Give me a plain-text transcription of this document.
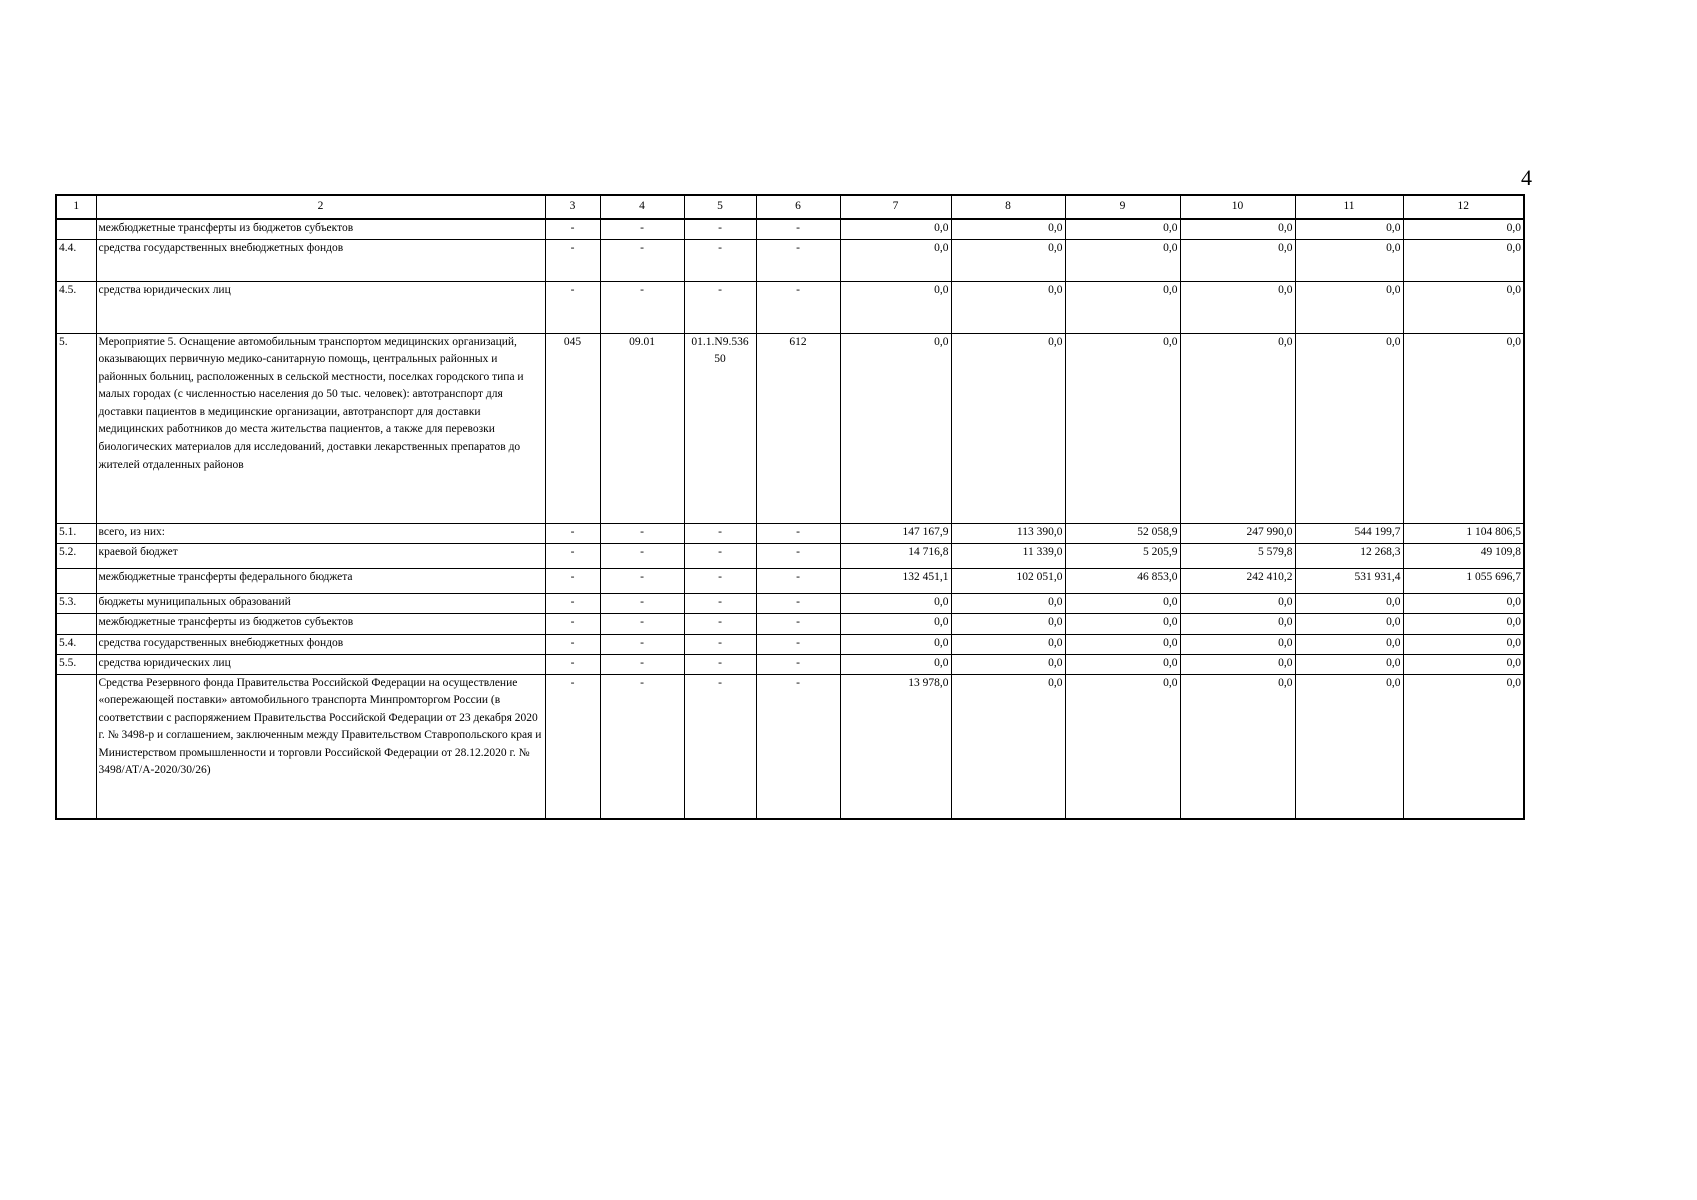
4
1	2	3	4	5	6	7	8	9	10	11	12
	межбюджетные трансферты из бюджетов субъектов	-	-	-	-	0,0	0,0	0,0	0,0	0,0	0,0
4.4.	средства государственных внебюджетных фондов	-	-	-	-	0,0	0,0	0,0	0,0	0,0	0,0
4.5.	средства юридических лиц	-	-	-	-	0,0	0,0	0,0	0,0	0,0	0,0
5.	Мероприятие 5. Оснащение автомобильным транспортом медицинских организаций, оказывающих первичную медико-санитарную помощь, центральных районных и районных больниц, расположенных в сельской местности, поселках городского типа и малых городах (с численностью населения до 50 тыс. человек): автотранспорт для доставки пациентов в медицинские организации, автотранспорт для доставки медицинских работников до места жительства пациентов, а также для перевозки биологических материалов для исследований, доставки лекарственных препаратов до жителей отдаленных районов	045	09.01	01.1.N9.536 50	612	0,0	0,0	0,0	0,0	0,0	0,0
5.1.	всего, из них:	-	-	-	-	147 167,9	113 390,0	52 058,9	247 990,0	544 199,7	1 104 806,5
5.2.	краевой бюджет	-	-	-	-	14 716,8	11 339,0	5 205,9	5 579,8	12 268,3	49 109,8
	межбюджетные трансферты федерального бюджета	-	-	-	-	132 451,1	102 051,0	46 853,0	242 410,2	531 931,4	1 055 696,7
5.3.	бюджеты муниципальных образований	-	-	-	-	0,0	0,0	0,0	0,0	0,0	0,0
	межбюджетные трансферты из бюджетов субъектов	-	-	-	-	0,0	0,0	0,0	0,0	0,0	0,0
5.4.	средства государственных внебюджетных фондов	-	-	-	-	0,0	0,0	0,0	0,0	0,0	0,0
5.5.	средства юридических лиц	-	-	-	-	0,0	0,0	0,0	0,0	0,0	0,0
	Средства Резервного фонда Правительства Российской Федерации на осуществление «опережающей поставки» автомобильного транспорта Минпромторгом России (в соответствии с распоряжением Правительства Российской Федерации от 23 декабря 2020 г. № 3498-р и соглашением, заключенным между Правительством Ставропольского края и Министерством промышленности и торговли Российской Федерации от 28.12.2020 г. № 3498/АТ/А-2020/30/26)	-	-	-	-	13 978,0	0,0	0,0	0,0	0,0	0,0
